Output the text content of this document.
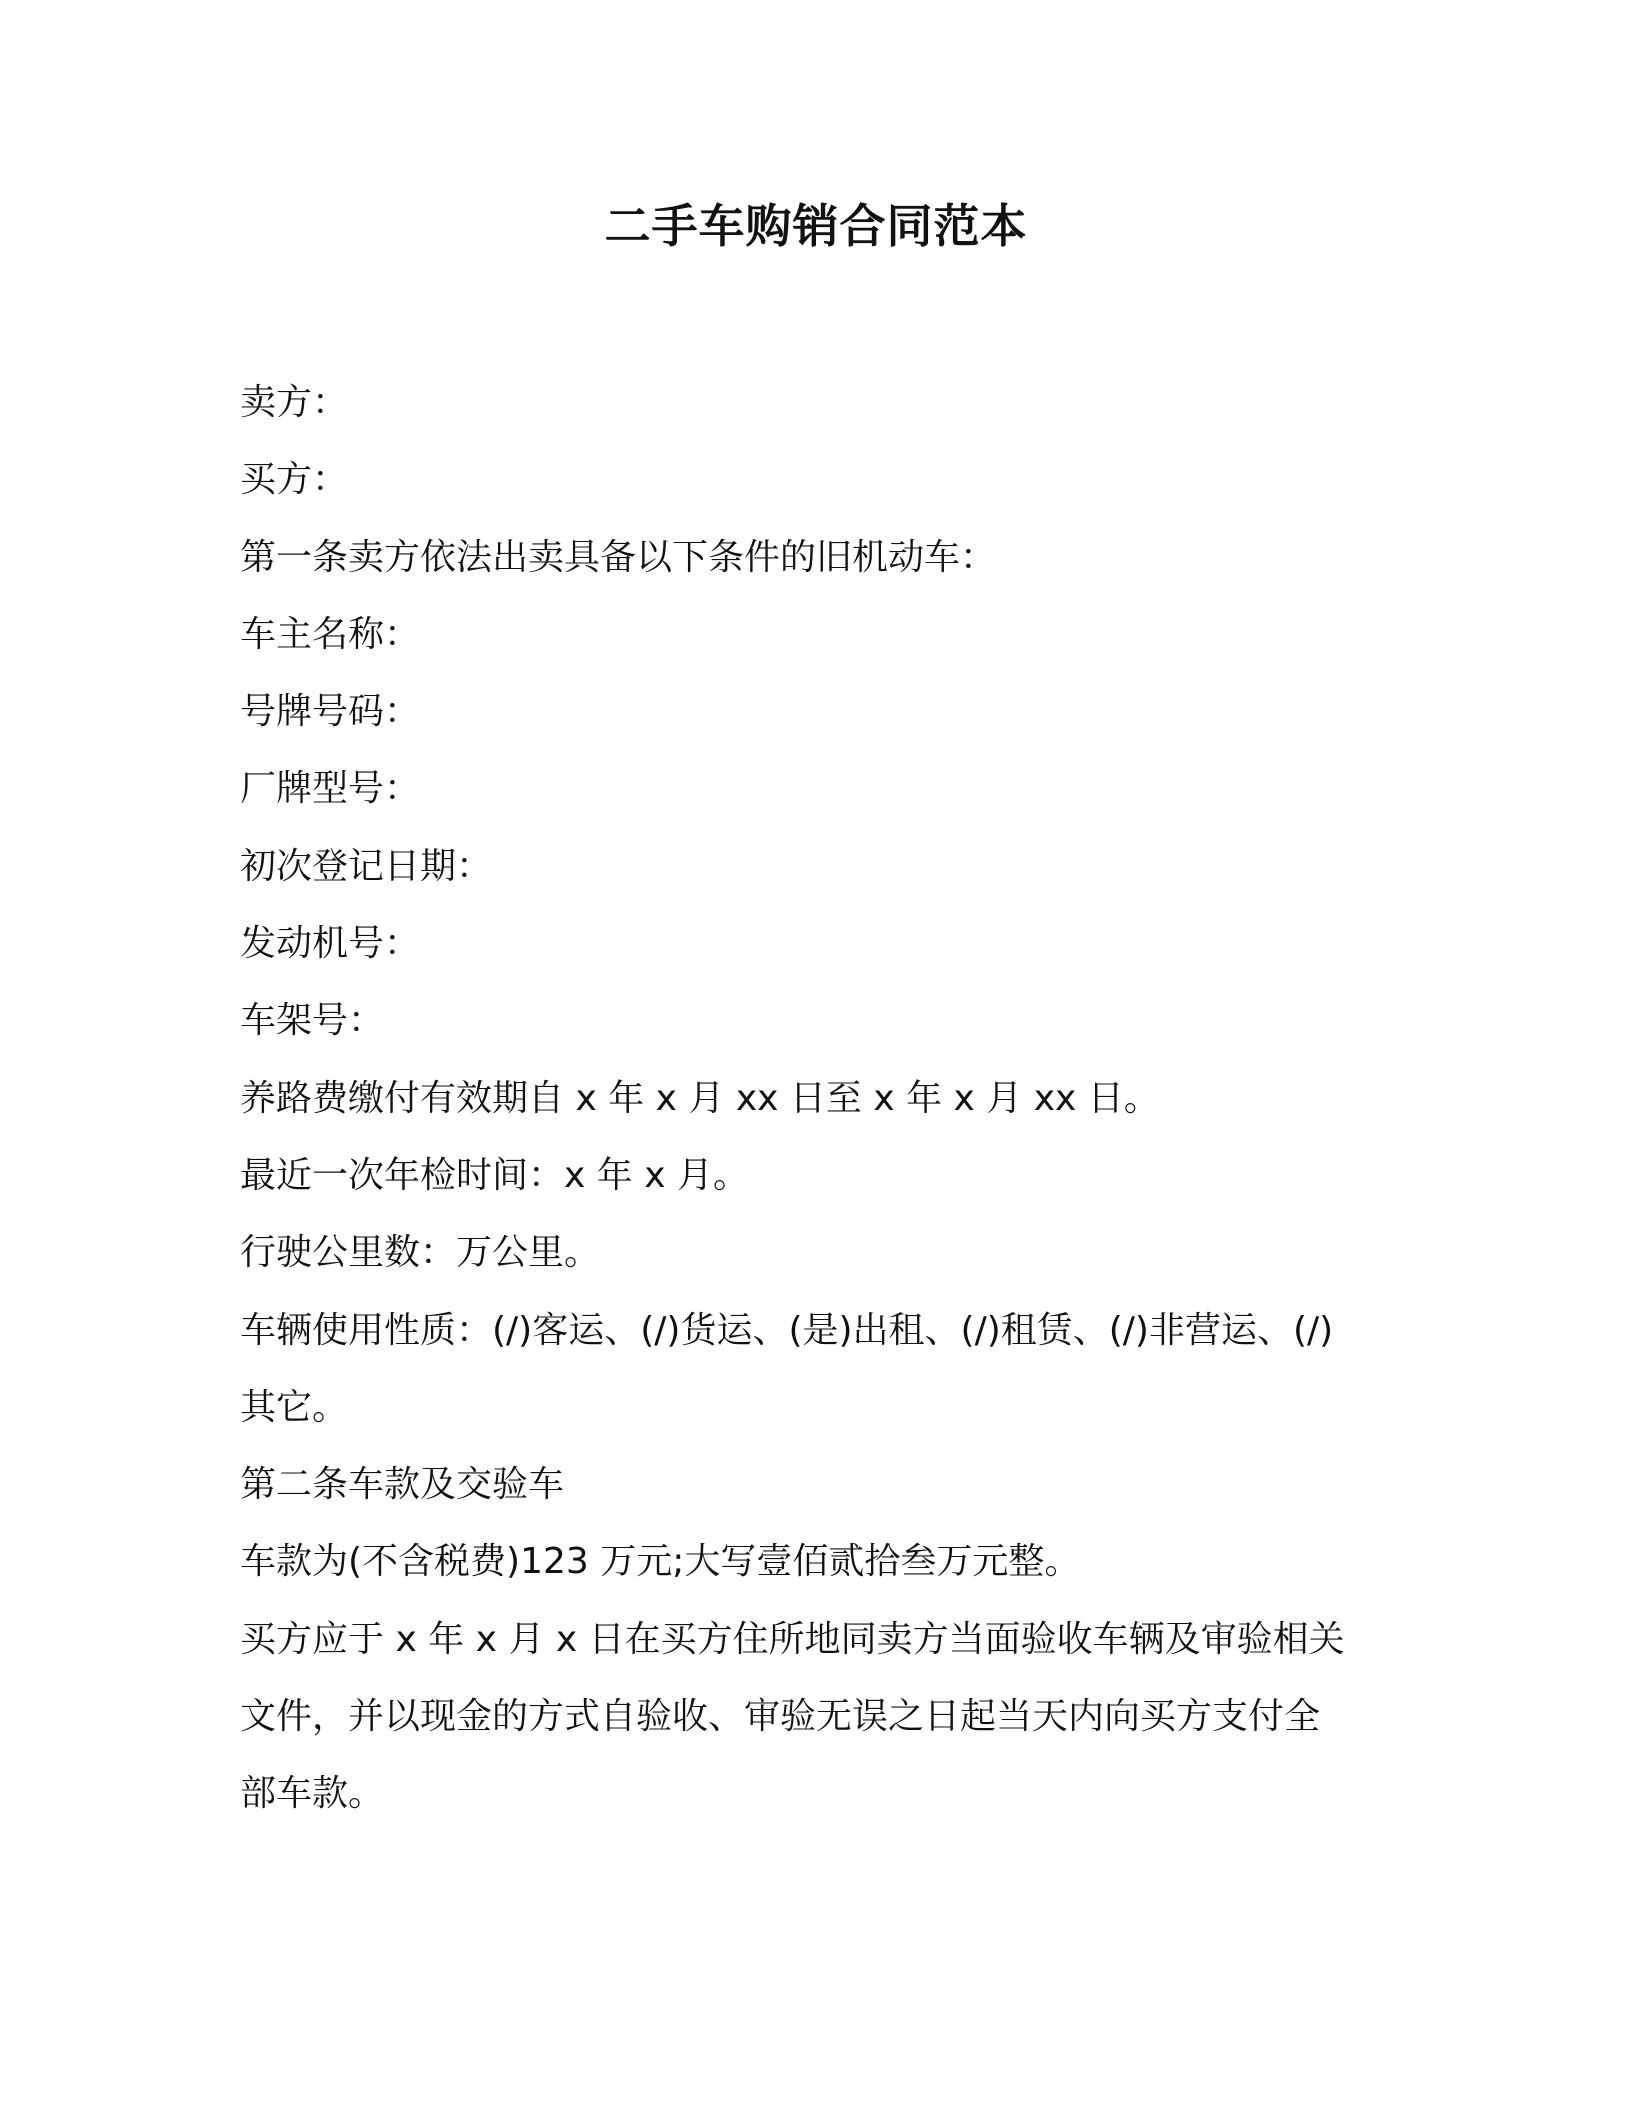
二手车购销合同范本
卖方：
买方：
第一条卖方依法出卖具备以下条件的旧机动车：
车主名称：
号牌号码：
厂牌型号：
初次登记日期：
发动机号：
车架号：
养路费缴付有效期自 x 年 x 月 xx 日至 x 年 x 月 xx 日。
最近一次年检时间：x 年 x 月。
行驶公里数：万公里。
车辆使用性质：(/)客运、(/)货运、(是)出租、(/)租赁、(/)非营运、(/)
其它。
第二条车款及交验车
车款为(不含税费)123 万元;大写壹佰贰拾叁万元整。
买方应于 x 年 x 月 x 日在买方住所地同卖方当面验收车辆及审验相关
文件，并以现金的方式自验收、审验无误之日起当天内向买方支付全
部车款。
